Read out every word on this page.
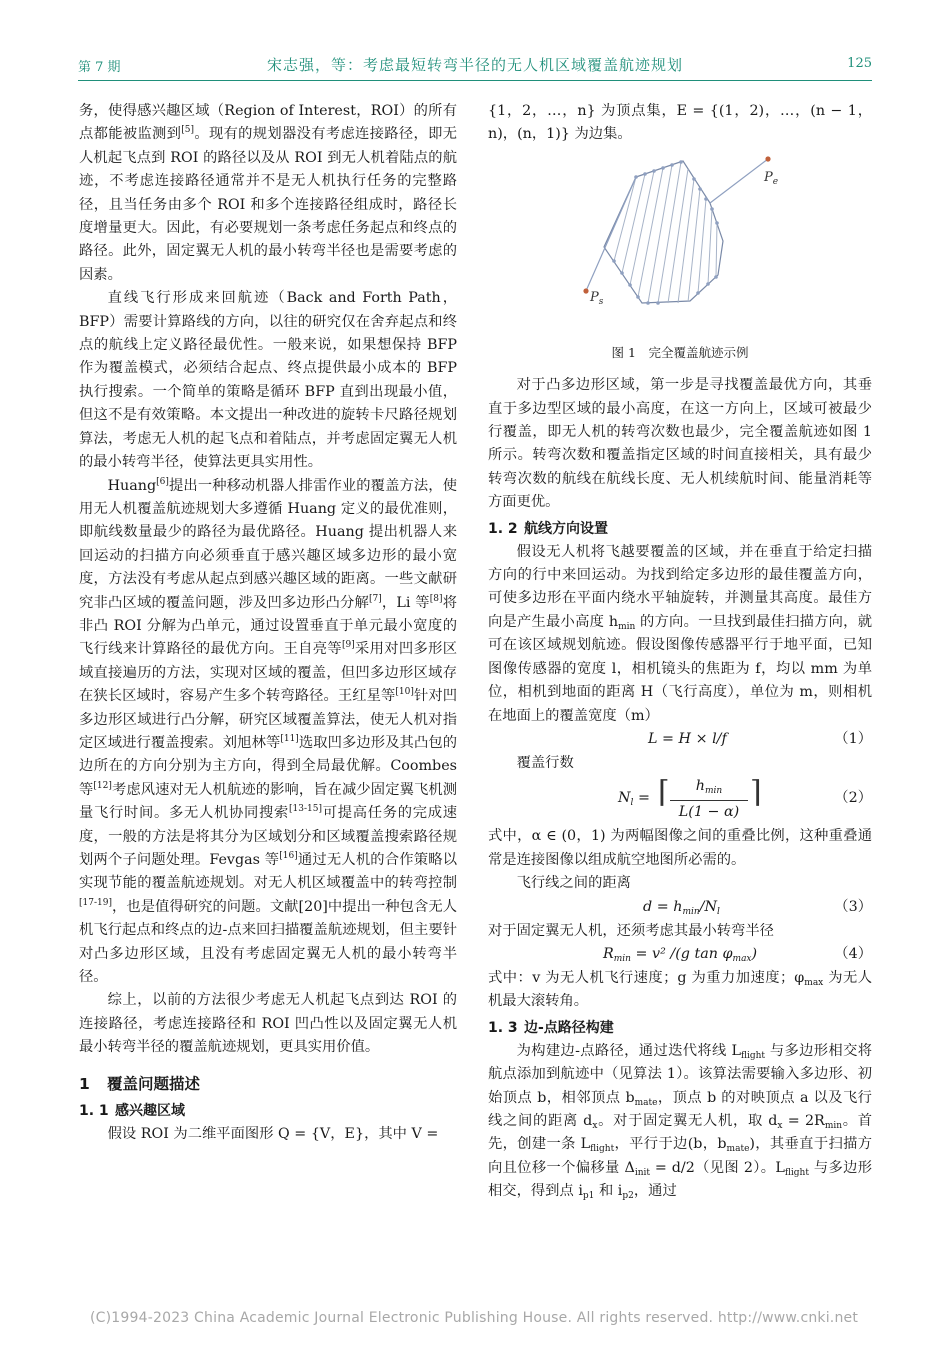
第 7 期	宋志强，等：考虑最短转弯半径的无人机区域覆盖航迹规划	125

务，使得感兴趣区域（Region of Interest，ROI）的所有点都能被监测到[5]。现有的规划器没有考虑连接路径，即无人机起飞点到 ROI 的路径以及从 ROI 到无人机着陆点的航迹，不考虑连接路径通常并不是无人机执行任务的完整路径，且当任务由多个 ROI 和多个连接路径组成时，路径长度增量更大。因此，有必要规划一条考虑任务起点和终点的路径。此外，固定翼无人机的最小转弯半径也是需要考虑的因素。

直线飞行形成来回航迹（Back and Forth Path，BFP）需要计算路线的方向，以往的研究仅在舍弃起点和终点的航线上定义路径最优性。一般来说，如果想保持 BFP 作为覆盖模式，必须结合起点、终点提供最小成本的 BFP 执行搜索。一个简单的策略是循环 BFP 直到出现最小值，但这不是有效策略。本文提出一种改进的旋转卡尺路径规划算法，考虑无人机的起飞点和着陆点，并考虑固定翼无人机的最小转弯半径，使算法更具实用性。

Huang[6]提出一种移动机器人排雷作业的覆盖方法，使用无人机覆盖航迹规划大多遵循 Huang 定义的最优准则，即航线数量最少的路径为最优路径。Huang 提出机器人来回运动的扫描方向必须垂直于感兴趣区域多边形的最小宽度，方法没有考虑从起点到感兴趣区域的距离。一些文献研究非凸区域的覆盖问题，涉及凹多边形凸分解[7]，Li 等[8]将非凸 ROI 分解为凸单元，通过设置垂直于单元最小宽度的飞行线来计算路径的最优方向。王自亮等[9]采用对凹多形区域直接遍历的方法，实现对区域的覆盖，但凹多边形区域存在狭长区域时，容易产生多个转弯路径。王红星等[10]针对凹多边形区域进行凸分解，研究区域覆盖算法，使无人机对指定区域进行覆盖搜索。刘旭林等[11]选取凹多边形及其凸包的边所在的方向分别为主方向，得到全局最优解。Coombes 等[12]考虑风速对无人机航迹的影响，旨在减少固定翼飞机测量飞行时间。多无人机协同搜索[13-15]可提高任务的完成速度，一般的方法是将其分为区域划分和区域覆盖搜索路径规划两个子问题处理。Fevgas 等[16]通过无人机的合作策略以实现节能的覆盖航迹规划。对无人机区域覆盖中的转弯控制[17-19]，也是值得研究的问题。文献[20]中提出一种包含无人机飞行起点和终点的边-点来回扫描覆盖航迹规划，但主要针对凸多边形区域，且没有考虑固定翼无人机的最小转弯半径。

综上，以前的方法很少考虑无人机起飞点到达 ROI 的连接路径，考虑连接路径和 ROI 凹凸性以及固定翼无人机最小转弯半径的覆盖航迹规划，更具实用价值。

1 覆盖问题描述
1. 1 感兴趣区域

假设 ROI 为二维平面图形 Q = {V，E}，其中 V =

{1，2，…，n} 为顶点集，E = {(1，2)，…，(n − 1，n)，(n，1)} 为边集。

$P_s$
$P_e$
图 1　完全覆盖航迹示例

对于凸多边形区域，第一步是寻找覆盖最优方向，其垂直于多边型区域的最小高度，在这一方向上，区域可被最少行覆盖，即无人机的转弯次数也最少，完全覆盖航迹如图 1 所示。转弯次数和覆盖指定区域的时间直接相关，具有最少转弯次数的航线在航线长度、无人机续航时间、能量消耗等方面更优。

1. 2 航线方向设置

假设无人机将飞越要覆盖的区域，并在垂直于给定扫描方向的行中来回运动。为找到给定多边形的最佳覆盖方向，可使多边形在平面内绕水平轴旋转，并测量其高度。最佳方向是产生最小高度 $h_{min}$ 的方向。一旦找到最佳扫描方向，就可在该区域规划航迹。假设图像传感器平行于地平面，已知图像传感器的宽度 l，相机镜头的焦距为 f，均以 mm 为单位，相机到地面的距离 H（飞行高度），单位为 m，则相机在地面上的覆盖宽度（m）

L = H × l/f	（1）

覆盖行数

$N_l$ = ⌈	$h_{min}$
L(1 − α)
⌉	（2）

式中，α ∈ (0，1) 为两幅图像之间的重叠比例，这种重叠通常是连接图像以组成航空地图所必需的。

飞行线之间的距离

$d = h_{min}/N_l$	（3）

对于固定翼无人机，还须考虑其最小转弯半径

$R_{min} = v^2$ /(g $\tan \varphi_{max}$)	（4）

式中：v 为无人机飞行速度；g 为重力加速度；$\varphi_{max}$ 为无人机最大滚转角。

1. 3 边-点路径构建

为构建边-点路径，通过迭代将线 $L_{flight}$ 与多边形相交将航点添加到航迹中（见算法 1）。该算法需要输入多边形、初始顶点 b，相邻顶点 $b_{mate}$，顶点 b 的对映顶点 a 以及飞行线之间的距离 $d_x$。对于固定翼无人机，取 $d_x = 2R_{min}$。首先，创建一条 $L_{flight}$，平行于边(b，$b_{mate}$)，其垂直于扫描方向且位移一个偏移量 $\Delta_{init} = d/2$（见图 2）。$L_{flight}$ 与多边形相交，得到点 $i_{p1}$ 和 $i_{p2}$，通过

(C)1994-2023 China Academic Journal Electronic Publishing House. All rights reserved. http://www.cnki.net
